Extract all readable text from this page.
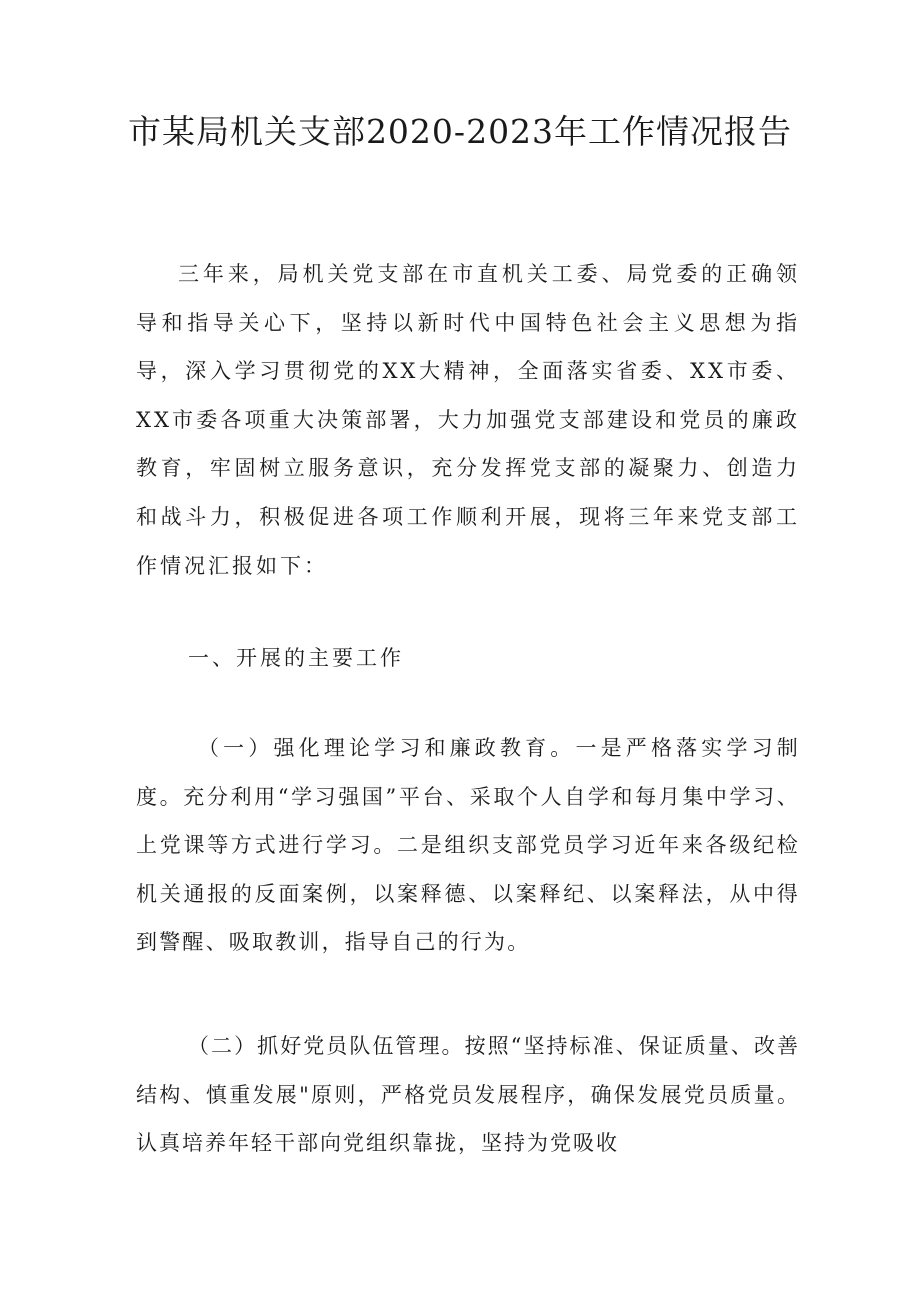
市某局机关支部2020-2023年工作情况报告

三年来，局机关党支部在市直机关工委、局党委的正确领导和指导关心下，坚持以新时代中国特色社会主义思想为指导，深入学习贯彻党的XX大精神，全面落实省委、XX市委、XX市委各项重大决策部署，大力加强党支部建设和党员的廉政教育，牢固树立服务意识，充分发挥党支部的凝聚力、创造力和战斗力，积极促进各项工作顺利开展，现将三年来党支部工作情况汇报如下：

一、开展的主要工作

（一）强化理论学习和廉政教育。一是严格落实学习制度。充分利用“学习强国”平台、采取个人自学和每月集中学习、上党课等方式进行学习。二是组织支部党员学习近年来各级纪检机关通报的反面案例，以案释德、以案释纪、以案释法，从中得到警醒、吸取教训，指导自己的行为。

（二）抓好党员队伍管理。按照“坚持标准、保证质量、改善结构、慎重发展"原则，严格党员发展程序，确保发展党员质量。认真培养年轻干部向党组织靠拢，坚持为党吸收
